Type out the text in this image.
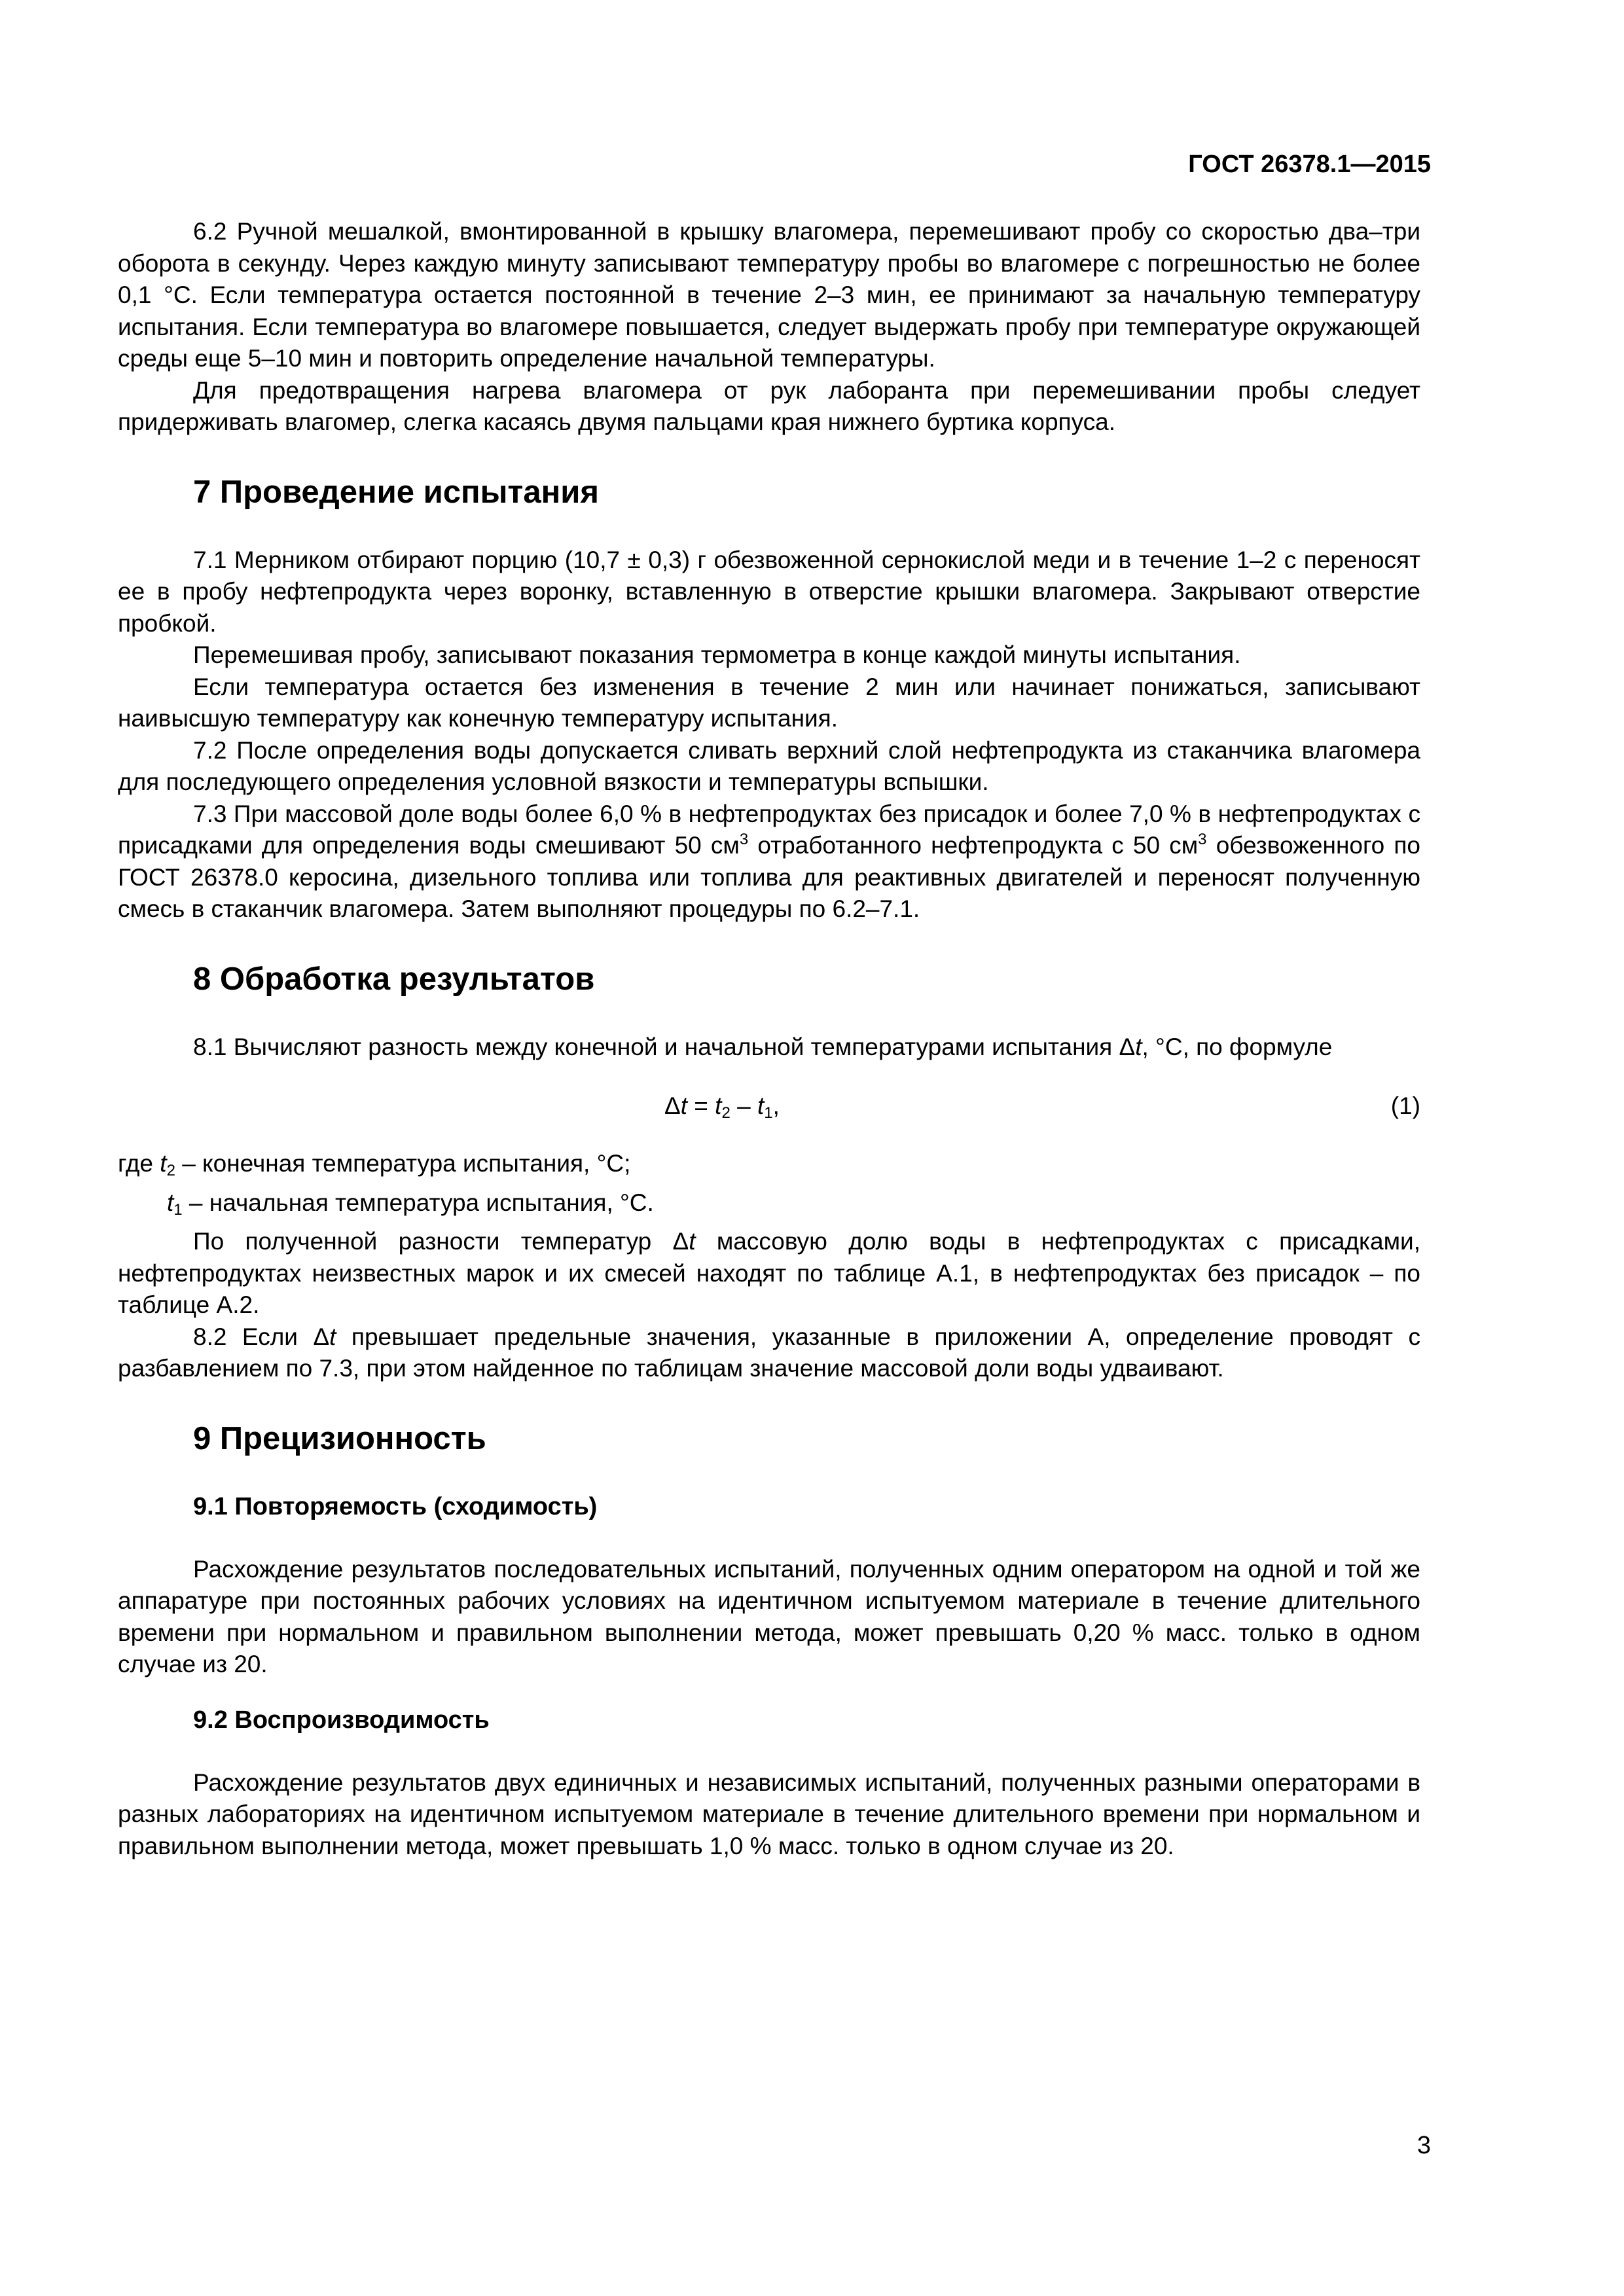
ГОСТ 26378.1—2015

6.2 Ручной мешалкой, вмонтированной в крышку влагомера, перемешивают пробу со скоростью два–три оборота в секунду. Через каждую минуту записывают температуру пробы во влагомере с погрешностью не более 0,1 °С. Если температура остается постоянной в течение 2–3 мин, ее принимают за начальную температуру испытания. Если температура во влагомере повышается, следует выдержать пробу при температуре окружающей среды еще 5–10 мин и повторить определение начальной температуры.

Для предотвращения нагрева влагомера от рук лаборанта при перемешивании пробы следует придерживать влагомер, слегка касаясь двумя пальцами края нижнего буртика корпуса.

7 Проведение испытания

7.1 Мерником отбирают порцию (10,7 ± 0,3) г обезвоженной сернокислой меди и в течение 1–2 с переносят ее в пробу нефтепродукта через воронку, вставленную в отверстие крышки влагомера. Закрывают отверстие пробкой.

Перемешивая пробу, записывают показания термометра в конце каждой минуты испытания.

Если температура остается без изменения в течение 2 мин или начинает понижаться, записывают наивысшую температуру как конечную температуру испытания.

7.2 После определения воды допускается сливать верхний слой нефтепродукта из стаканчика влагомера для последующего определения условной вязкости и температуры вспышки.

7.3 При массовой доле воды более 6,0 % в нефтепродуктах без присадок и более 7,0 % в нефтепродуктах с присадками для определения воды смешивают 50 $см^3$ отработанного нефтепродукта с 50 $см^3$ обезвоженного по ГОСТ 26378.0 керосина, дизельного топлива или топлива для реактивных двигателей и переносят полученную смесь в стаканчик влагомера. Затем выполняют процедуры по 6.2–7.1.

8 Обработка результатов

8.1 Вычисляют разность между конечной и начальной температурами испытания Δt, °С, по формуле

$\Delta t = t_2 - t_1$,	(1)

где $t_2$ – конечная температура испытания, °С;

$t_1$ – начальная температура испытания, °С.

По полученной разности температур Δt массовую долю воды в нефтепродуктах с присадками, нефтепродуктах неизвестных марок и их смесей находят по таблице А.1, в нефтепродуктах без присадок – по таблице А.2.

8.2 Если Δt превышает предельные значения, указанные в приложении А, определение проводят с разбавлением по 7.3, при этом найденное по таблицам значение массовой доли воды удваивают.

9 Прецизионность
9.1 Повторяемость (сходимость)

Расхождение результатов последовательных испытаний, полученных одним оператором на одной и той же аппаратуре при постоянных рабочих условиях на идентичном испытуемом материале в течение длительного времени при нормальном и правильном выполнении метода, может превышать 0,20 % масс. только в одном случае из 20.

9.2 Воспроизводимость

Расхождение результатов двух единичных и независимых испытаний, полученных разными операторами в разных лабораториях на идентичном испытуемом материале в течение длительного времени при нормальном и правильном выполнении метода, может превышать 1,0 % масс. только в одном случае из 20.

3
